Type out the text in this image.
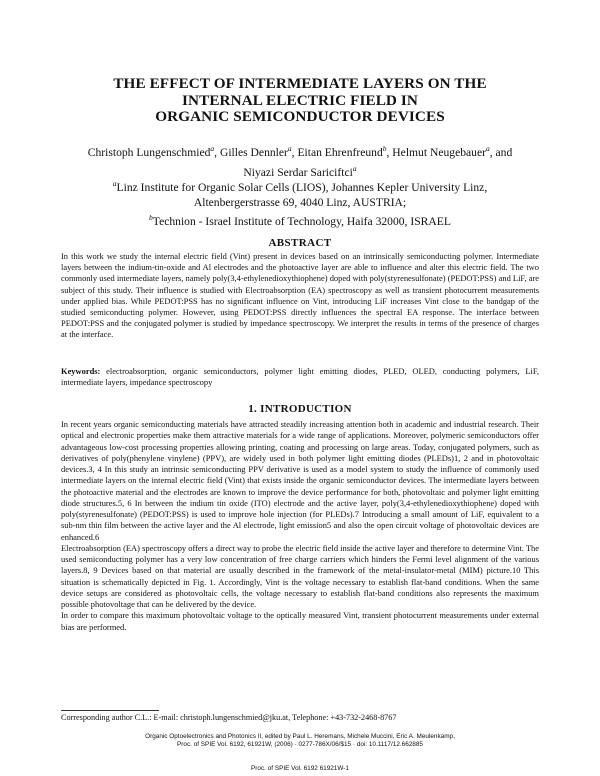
THE EFFECT OF INTERMEDIATE LAYERS ON THE
INTERNAL ELECTRIC FIELD IN
ORGANIC SEMICONDUCTOR DEVICES
Christoph Lungenschmied$^a$, Gilles Dennler$^a$, Eitan Ehrenfreund$^b$, Helmut Neugebauer$^a$, and
Niyazi Serdar Sariciftci$^a$
$^a$Linz Institute for Organic Solar Cells (LIOS), Johannes Kepler University Linz,
Altenbergerstrasse 69, 4040 Linz, AUSTRIA;
$^b$Technion - Israel Institute of Technology, Haifa 32000, ISRAEL
ABSTRACT
In this work we study the internal electric field (Vint) present in devices based on an intrinsically semiconducting polymer. Intermediate layers between the indium-tin-oxide and Al electrodes and the photoactive layer are able to influence and alter this electric field. The two commonly used intermediate layers, namely poly(3,4-ethylenedioxythiophene) doped with poly(styrenesulfonate) (PEDOT:PSS) and LiF, are subject of this study. Their influence is studied with Electroabsorption (EA) spectroscopy as well as transient photocurrent measurements under applied bias. While PEDOT:PSS has no significant influence on Vint, introducing LiF increases Vint close to the bandgap of the studied semiconducting polymer. However, using PEDOT:PSS directly influences the spectral EA response. The interface between PEDOT:PSS and the conjugated polymer is studied by impedance spectroscopy. We interpret the results in terms of the presence of charges at the interface.
Keywords: electroabsorption, organic semiconductors, polymer light emitting diodes, PLED, OLED, conducting polymers, LiF, intermediate layers, impedance spectroscopy
1. INTRODUCTION

In recent years organic semiconducting materials have attracted steadily increasing attention both in academic and industrial research. Their optical and electronic properties make them attractive materials for a wide range of applications. Moreover, polymeric semiconductors offer advantageous low-cost processing properties allowing printing, coating and processing on large areas. Today, conjugated polymers, such as derivatives of poly(phenylene vinylene) (PPV), are widely used in both polymer light emitting diodes (PLEDs)1, 2 and in photovoltaic devices.3, 4 In this study an intrinsic semiconducting PPV derivative is used as a model system to study the influence of commonly used intermediate layers on the internal electric field (Vint) that exists inside the organic semiconductor devices. The intermediate layers between the photoactive material and the electrodes are known to improve the device performance for both, photovoltaic and polymer light emitting diode structures.5, 6 In between the indium tin oxide (ITO) electrode and the active layer, poly(3,4-ethylenedioxythiophene) doped with poly(styrenesulfonate) (PEDOT:PSS) is used to improve hole injection (for PLEDs).7 Introducing a small amount of LiF, equivalent to a sub-nm thin film between the active layer and the Al electrode, light emission5 and also the open circuit voltage of photovoltaic devices are enhanced.6

Electroabsorption (EA) spectroscopy offers a direct way to probe the electric field inside the active layer and therefore to determine Vint. The used semiconducting polymer has a very low concentration of free charge carriers which hinders the Fermi level alignment of the various layers.8, 9 Devices based on that material are usually described in the framework of the metal-insulator-metal (MIM) picture.10 This situation is schematically depicted in Fig. 1. Accordingly, Vint is the voltage necessary to establish flat-band conditions. When the same device setups are considered as photovoltaic cells, the voltage necessary to establish flat-band conditions also represents the maximum possible photovoltage that can be delivered by the device.

In order to compare this maximum photovoltaic voltage to the optically measured Vint, transient photocurrent measurements under external bias are performed.

Corresponding author C.L.: E-mail: christoph.lungenschmied@jku.at, Telephone: +43-732-2468-8767
Organic Optoelectronics and Photonics II, edited by Paul L. Heremans, Michele Muccini, Eric A. Meulenkamp,
Proc. of SPIE Vol. 6192, 61921W, (2006) · 0277-786X/06/$15 · doi: 10.1117/12.662885
Proc. of SPIE Vol. 6192 61921W-1
